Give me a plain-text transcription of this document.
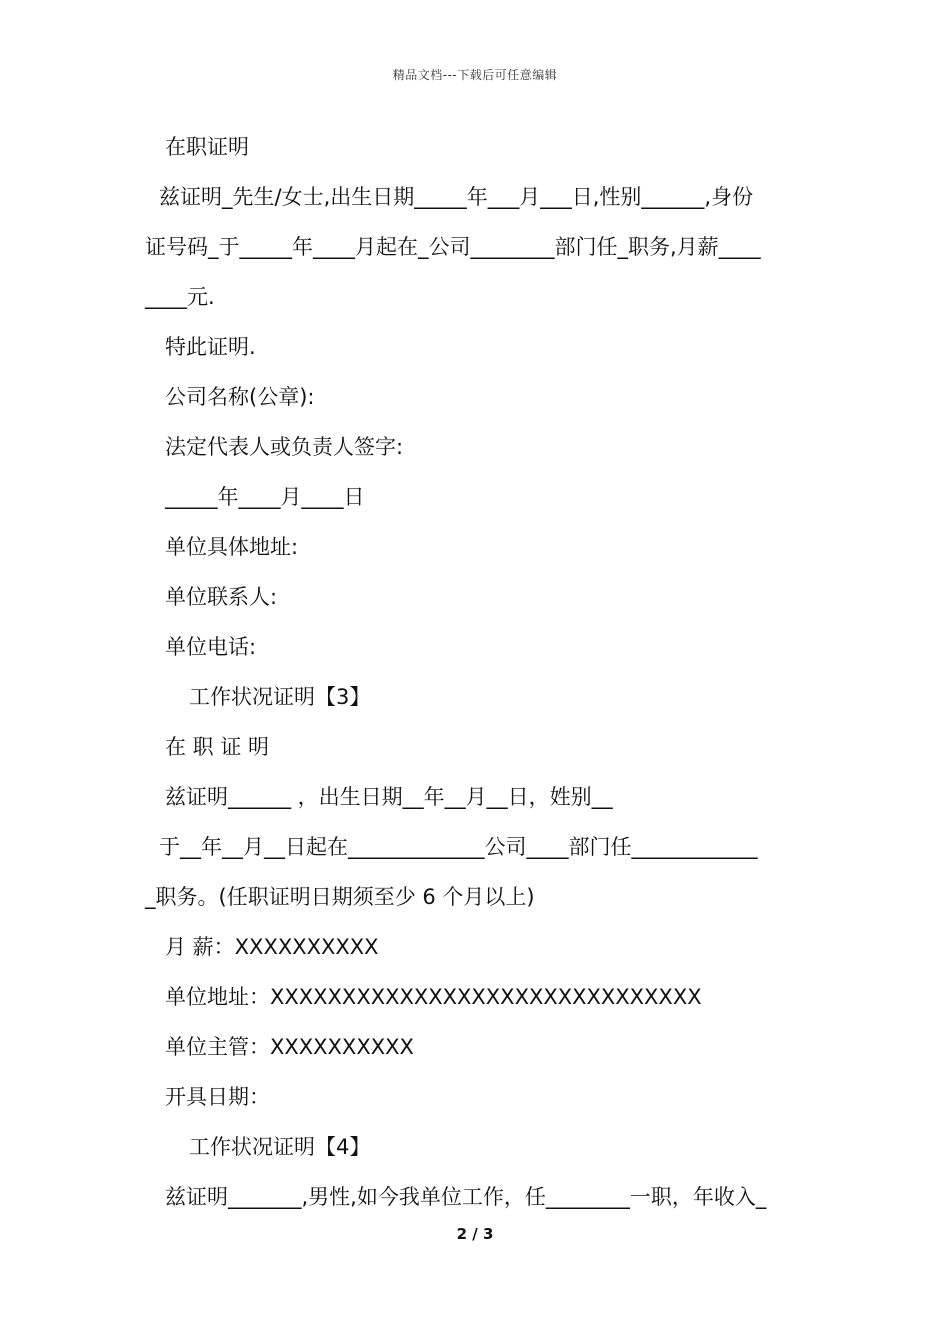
精品文档---下载后可任意编辑
在职证明
兹证明_先生/女士,出生日期_____年___月___日,性别______,身份
证号码_于_____年____月起在_公司________部门任_职务,月薪____
____元.
特此证明.
公司名称(公章):
法定代表人或负责人签字:
_____年____月____日
单位具体地址:
单位联系人:
单位电话:
工作状况证明【3】
在 职 证 明
兹证明______ ，出生日期__年__月__日，姓别__
于__年__月__日起在_____________公司____部门任____________
_职务。(任职证明日期须至少 6 个月以上)
月 薪：XXXXXXXXXX
单位地址：XXXXXXXXXXXXXXXXXXXXXXXXXXXXXX
单位主管：XXXXXXXXXX
开具日期：
工作状况证明【4】
兹证明_______,男性,如今我单位工作，任________一职，年收入_
2 / 3
